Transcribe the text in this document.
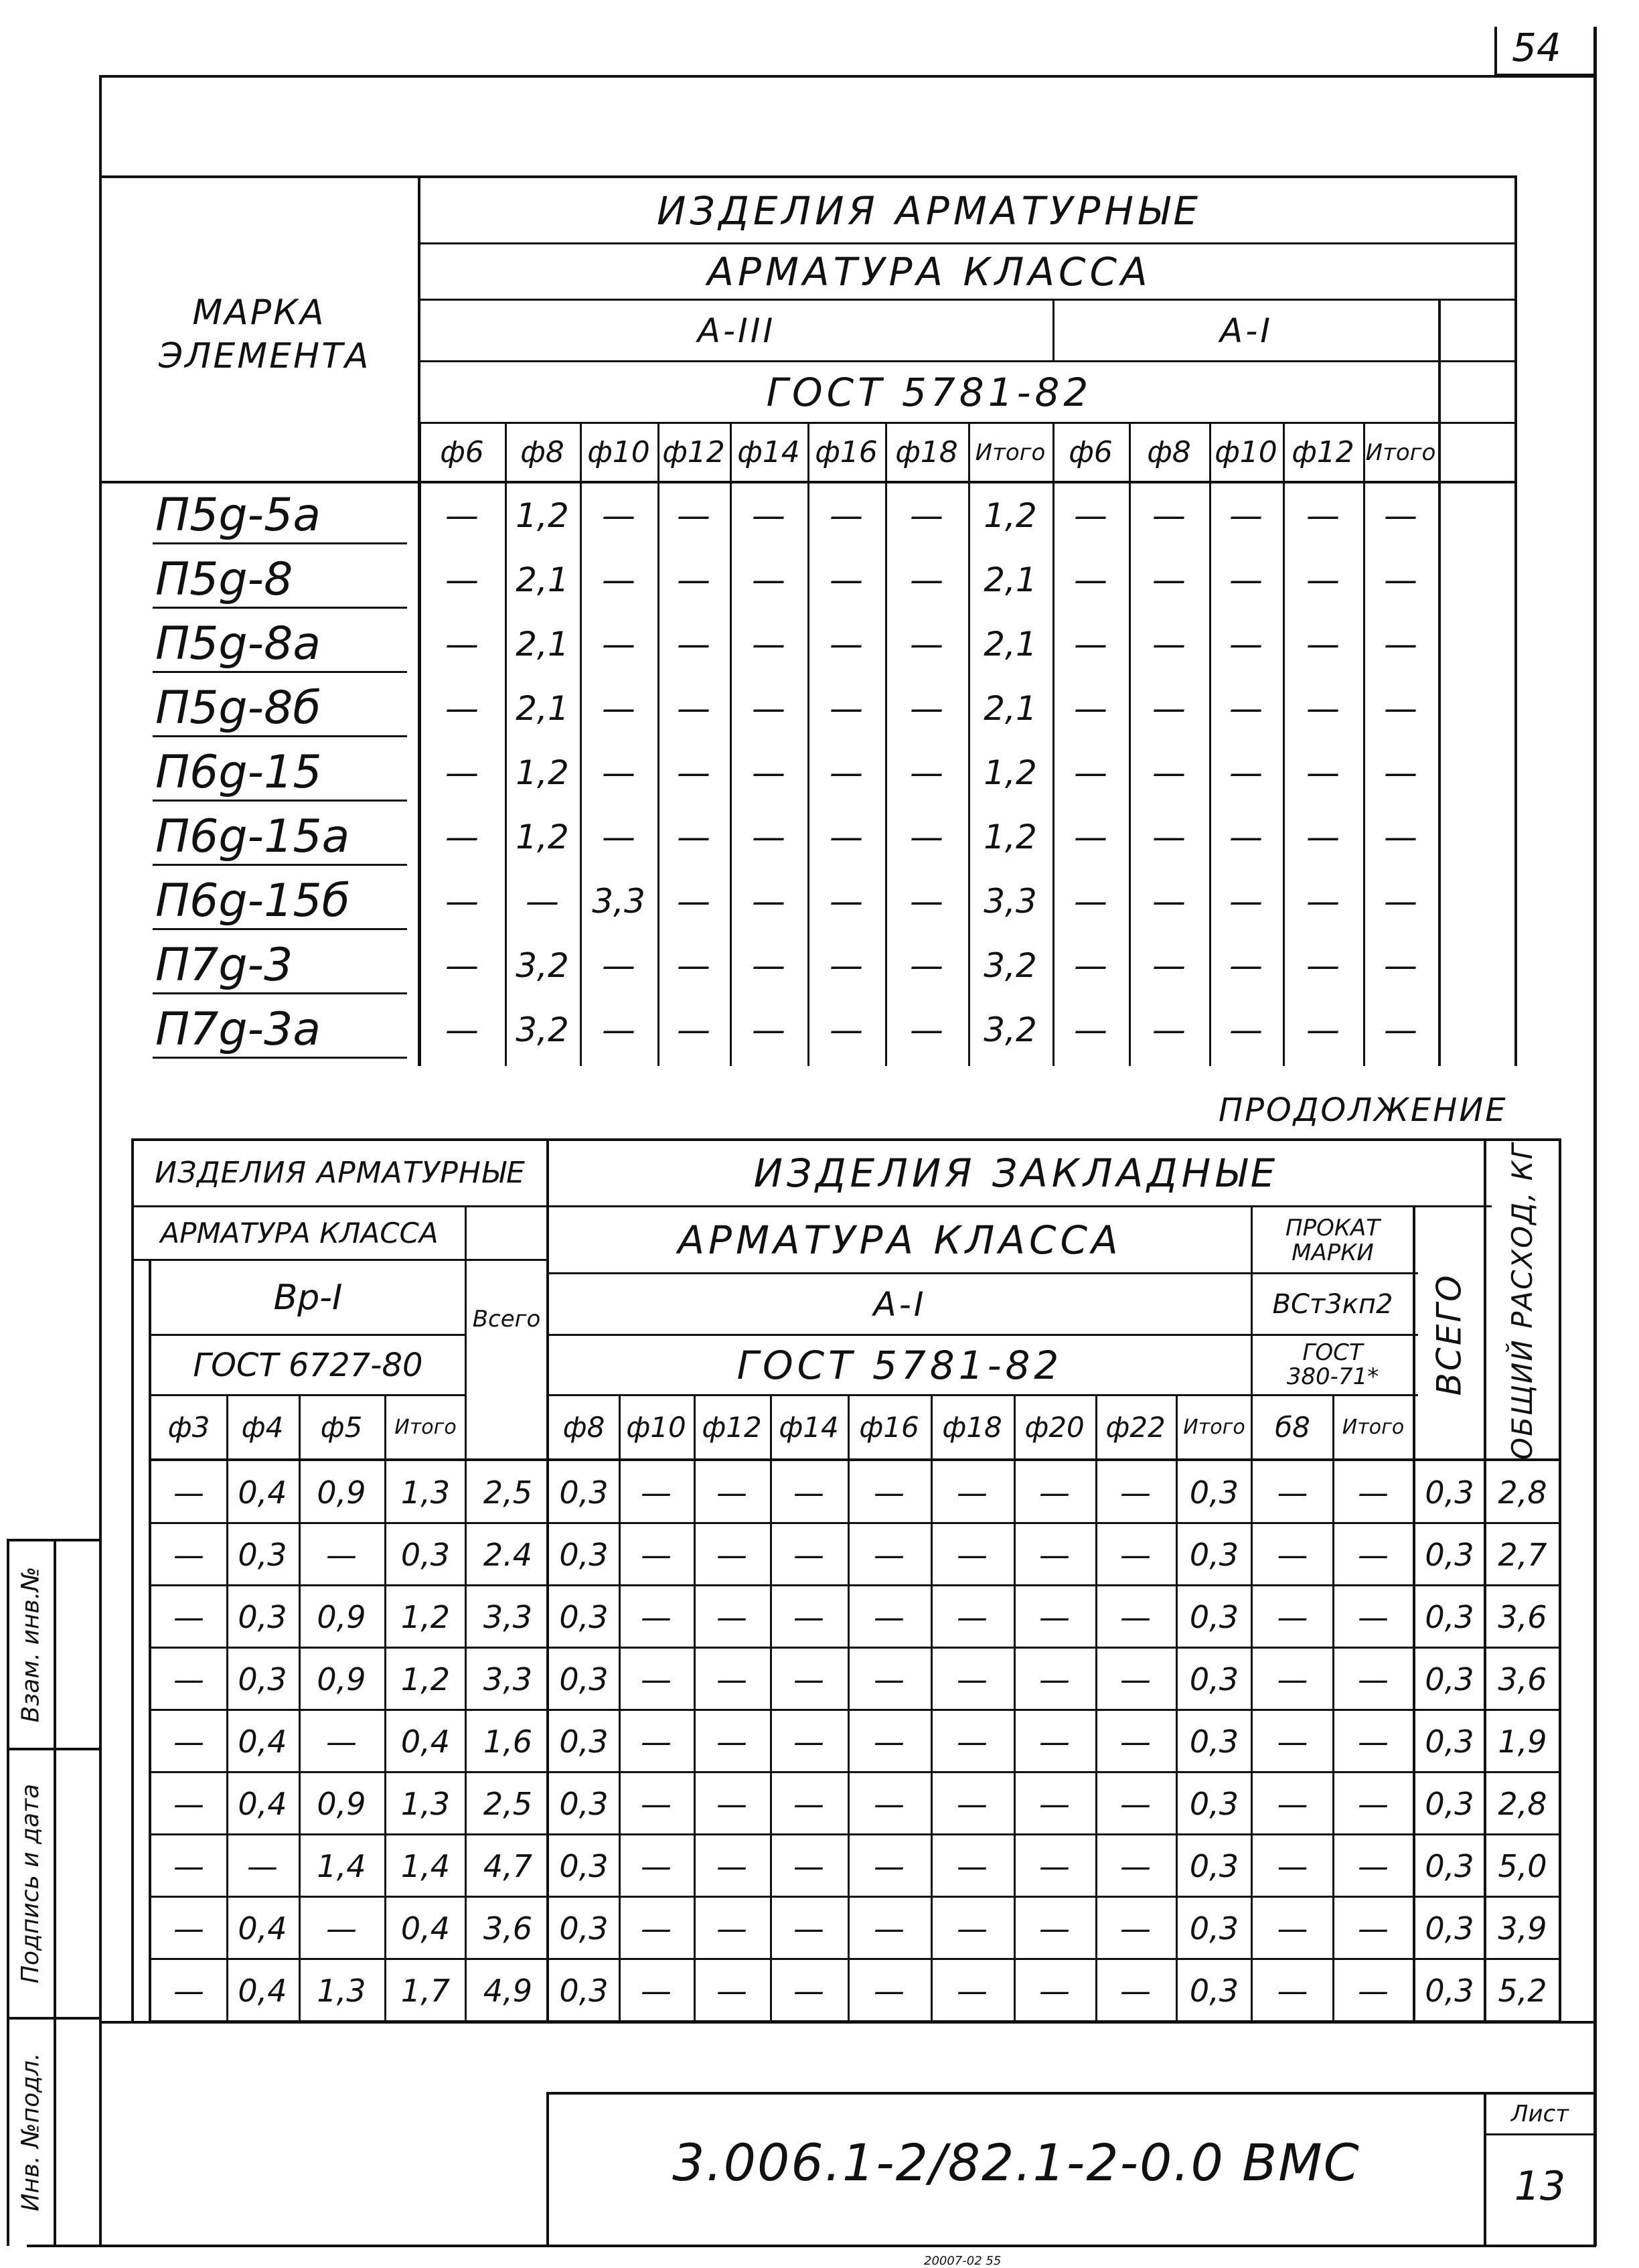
54
ИЗДЕЛИЯ АРМАТУРНЫЕ
АРМАТУРА КЛАССА
А-III	А-I
ГОСТ 5781-82
МАРКА ЭЛЕМЕНТА
ф6	ф8 ф10 ф12 ф14 ф16 ф18 Итого ф6	ф8 ф10 ф12 Итого
П5g-5a	—	1,2 —	—	—	—	—	1,2	—	—	—	—	—
П5g-8	—	2,1 —	—	—	—	—	2,1	—	—	—	—	—
П5g-8a	—	2,1 —	—	—	—	—	2,1	—	—	—	—	—
П5g-8б	—	2,1 —	—	—	—	—	2,1	—	—	—	—	—
П6g-15	—	1,2 —	—	—	—	—	1,2	—	—	—	—	—
П6g-15a	—	1,2 —	—	—	—	—	1,2	—	—	—	—	—
П6g-15б	—	— 3,3 —	—	—	—	3,3	—	—	—	—	—
П7g-3	—	3,2 —	—	—	—	—	3,2	—	—	—	—	—
П7g-3a	—	3,2 —	—	—	—	—	3,2	—	—	—	—	—
ПРОДОЛЖЕНИЕ
ИЗДЕЛИЯ АРМАТУРНЫЕ	ИЗДЕЛИЯ ЗАКЛАДНЫЕ
АРМАТУРА КЛАССА
Вр-I
ГОСТ 6727-80
Всего
АРМАТУРА КЛАССА
А-I
ГОСТ 5781-82
ПРОКАТ МАРКИ
ВСт3кп2
ГОСТ 380-71* ВСЕГО ОБЩИЙ РАСХОД, КГ
ф3	ф4	ф5	Итого	ф8 ф10 ф12 ф14 ф16 ф18 ф20 ф22 Итого	б8	Итого
—	0,4 0,9	1,3	2,5 0,3	—	—	—	—	—	—	—	0,3	—	—	0,3 2,8
—	0,3	—	0,3	2.4 0,3	—	—	—	—	—	—	—	0,3	—	—	0,3 2,7
—	0,3 0,9	1,2	3,3 0,3	—	—	—	—	—	—	—	0,3	—	—	0,3 3,6
—	0,3 0,9	1,2	3,3 0,3	—	—	—	—	—	—	—	0,3	—	—	0,3 3,6
—	0,4	—	0,4	1,6 0,3	—	—	—	—	—	—	—	0,3	—	—	0,3 1,9
—	0,4 0,9	1,3	2,5 0,3	—	—	—	—	—	—	—	0,3	—	—	0,3 2,8
—	—	1,4	1,4	4,7 0,3	—	—	—	—	—	—	—	0,3	—	—	0,3 5,0
—	0,4	—	0,4	3,6 0,3	—	—	—	—	—	—	—	0,3	—	—	0,3 3,9
—	0,4 1,3	1,7	4,9 0,3	—	—	—	—	—	—	—	0,3	—	—	0,3 5,2
Взам. инв.№
Подпись и дата
Инв. №подл.	3.006.1-2/82.1-2-0.0 ВМС
Лист
13
20007-02 55
